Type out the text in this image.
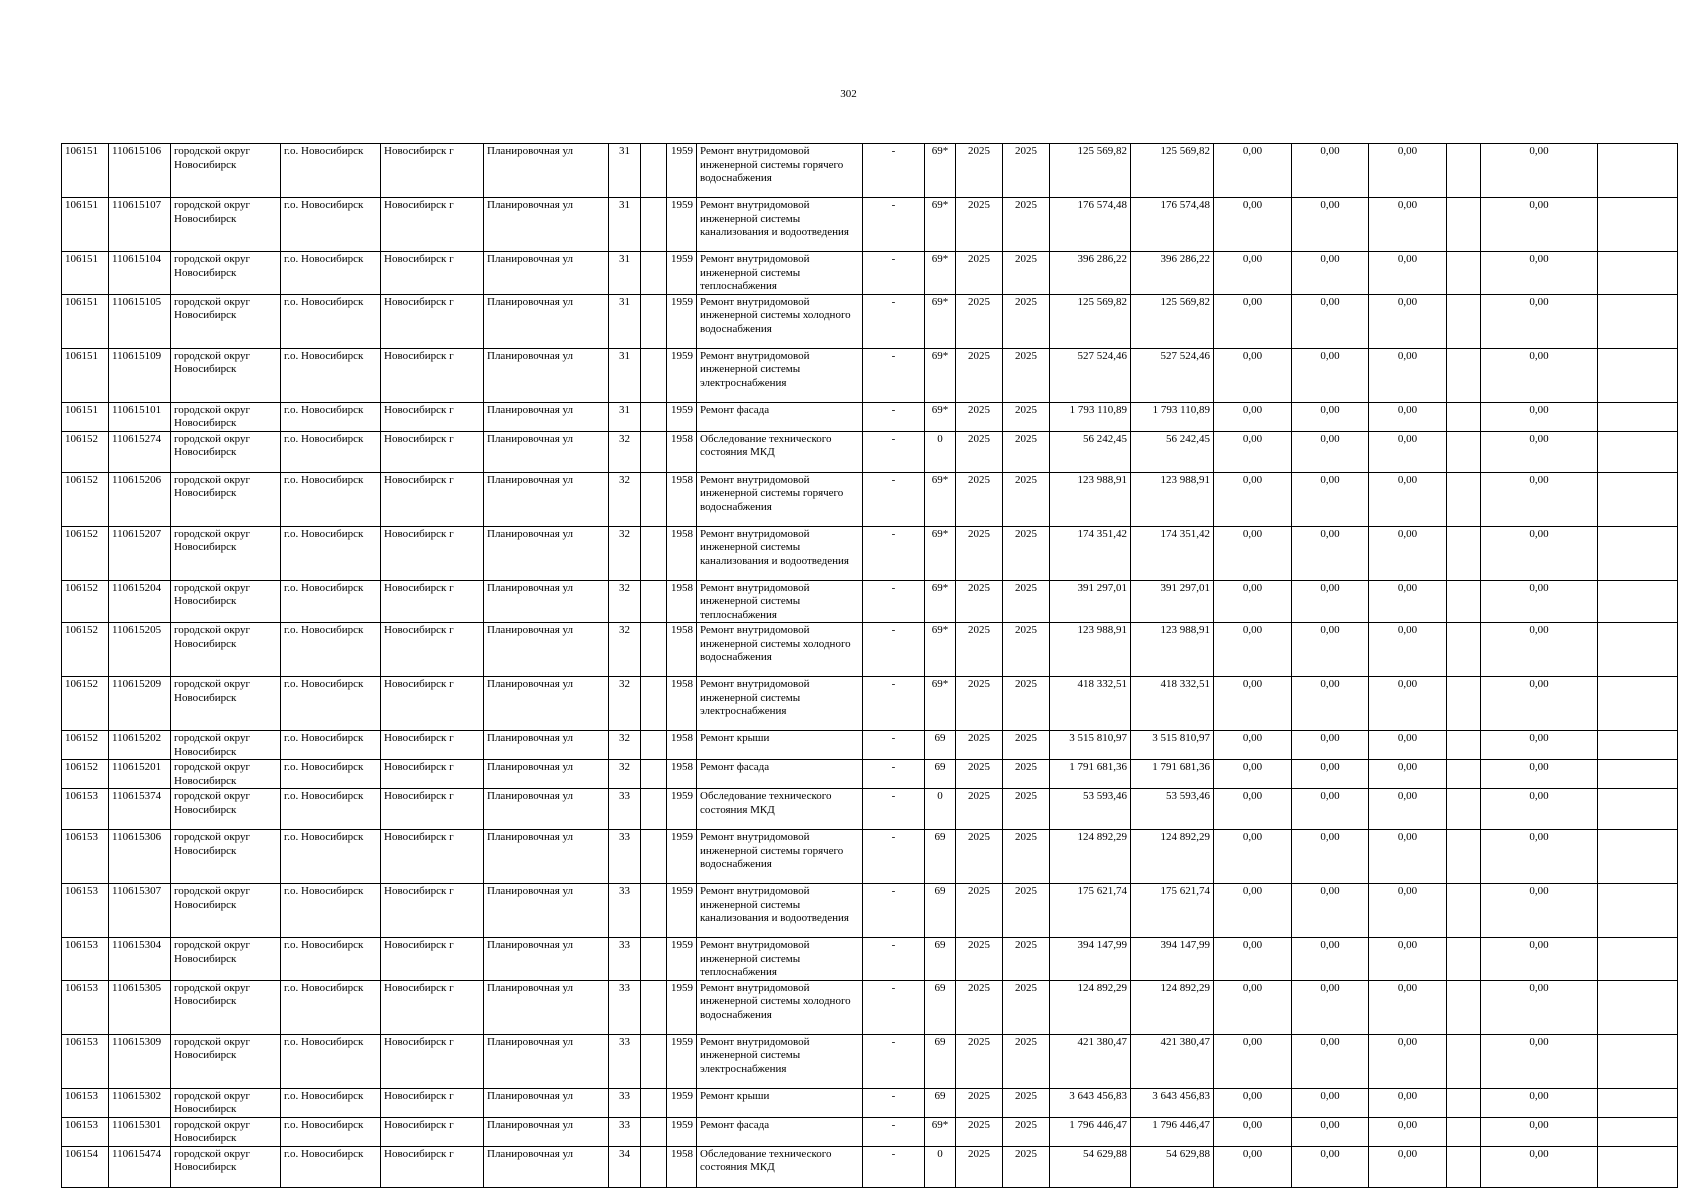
302
106151	110615106	городской округ Новосибирск	г.о. Новосибирск	Новосибирск г	Планировочная ул	31		1959	Ремонт внутридомовой инженерной системы горячего водоснабжения	-	69*	2025	2025	125 569,82	125 569,82	0,00	0,00	0,00		0,00	
106151	110615107	городской округ Новосибирск	г.о. Новосибирск	Новосибирск г	Планировочная ул	31		1959	Ремонт внутридомовой инженерной системы канализования и водоотведения	-	69*	2025	2025	176 574,48	176 574,48	0,00	0,00	0,00		0,00	
106151	110615104	городской округ Новосибирск	г.о. Новосибирск	Новосибирск г	Планировочная ул	31		1959	Ремонт внутридомовой инженерной системы теплоснабжения	-	69*	2025	2025	396 286,22	396 286,22	0,00	0,00	0,00		0,00	
106151	110615105	городской округ Новосибирск	г.о. Новосибирск	Новосибирск г	Планировочная ул	31		1959	Ремонт внутридомовой инженерной системы холодного водоснабжения	-	69*	2025	2025	125 569,82	125 569,82	0,00	0,00	0,00		0,00	
106151	110615109	городской округ Новосибирск	г.о. Новосибирск	Новосибирск г	Планировочная ул	31		1959	Ремонт внутридомовой инженерной системы электроснабжения	-	69*	2025	2025	527 524,46	527 524,46	0,00	0,00	0,00		0,00	
106151	110615101	городской округ Новосибирск	г.о. Новосибирск	Новосибирск г	Планировочная ул	31		1959	Ремонт фасада	-	69*	2025	2025	1 793 110,89	1 793 110,89	0,00	0,00	0,00		0,00	
106152	110615274	городской округ Новосибирск	г.о. Новосибирск	Новосибирск г	Планировочная ул	32		1958	Обследование технического состояния МКД	-	0	2025	2025	56 242,45	56 242,45	0,00	0,00	0,00		0,00	
106152	110615206	городской округ Новосибирск	г.о. Новосибирск	Новосибирск г	Планировочная ул	32		1958	Ремонт внутридомовой инженерной системы горячего водоснабжения	-	69*	2025	2025	123 988,91	123 988,91	0,00	0,00	0,00		0,00	
106152	110615207	городской округ Новосибирск	г.о. Новосибирск	Новосибирск г	Планировочная ул	32		1958	Ремонт внутридомовой инженерной системы канализования и водоотведения	-	69*	2025	2025	174 351,42	174 351,42	0,00	0,00	0,00		0,00	
106152	110615204	городской округ Новосибирск	г.о. Новосибирск	Новосибирск г	Планировочная ул	32		1958	Ремонт внутридомовой инженерной системы теплоснабжения	-	69*	2025	2025	391 297,01	391 297,01	0,00	0,00	0,00		0,00	
106152	110615205	городской округ Новосибирск	г.о. Новосибирск	Новосибирск г	Планировочная ул	32		1958	Ремонт внутридомовой инженерной системы холодного водоснабжения	-	69*	2025	2025	123 988,91	123 988,91	0,00	0,00	0,00		0,00	
106152	110615209	городской округ Новосибирск	г.о. Новосибирск	Новосибирск г	Планировочная ул	32		1958	Ремонт внутридомовой инженерной системы электроснабжения	-	69*	2025	2025	418 332,51	418 332,51	0,00	0,00	0,00		0,00	
106152	110615202	городской округ Новосибирск	г.о. Новосибирск	Новосибирск г	Планировочная ул	32		1958	Ремонт крыши	-	69	2025	2025	3 515 810,97	3 515 810,97	0,00	0,00	0,00		0,00	
106152	110615201	городской округ Новосибирск	г.о. Новосибирск	Новосибирск г	Планировочная ул	32		1958	Ремонт фасада	-	69	2025	2025	1 791 681,36	1 791 681,36	0,00	0,00	0,00		0,00	
106153	110615374	городской округ Новосибирск	г.о. Новосибирск	Новосибирск г	Планировочная ул	33		1959	Обследование технического состояния МКД	-	0	2025	2025	53 593,46	53 593,46	0,00	0,00	0,00		0,00	
106153	110615306	городской округ Новосибирск	г.о. Новосибирск	Новосибирск г	Планировочная ул	33		1959	Ремонт внутридомовой инженерной системы горячего водоснабжения	-	69	2025	2025	124 892,29	124 892,29	0,00	0,00	0,00		0,00	
106153	110615307	городской округ Новосибирск	г.о. Новосибирск	Новосибирск г	Планировочная ул	33		1959	Ремонт внутридомовой инженерной системы канализования и водоотведения	-	69	2025	2025	175 621,74	175 621,74	0,00	0,00	0,00		0,00	
106153	110615304	городской округ Новосибирск	г.о. Новосибирск	Новосибирск г	Планировочная ул	33		1959	Ремонт внутридомовой инженерной системы теплоснабжения	-	69	2025	2025	394 147,99	394 147,99	0,00	0,00	0,00		0,00	
106153	110615305	городской округ Новосибирск	г.о. Новосибирск	Новосибирск г	Планировочная ул	33		1959	Ремонт внутридомовой инженерной системы холодного водоснабжения	-	69	2025	2025	124 892,29	124 892,29	0,00	0,00	0,00		0,00	
106153	110615309	городской округ Новосибирск	г.о. Новосибирск	Новосибирск г	Планировочная ул	33		1959	Ремонт внутридомовой инженерной системы электроснабжения	-	69	2025	2025	421 380,47	421 380,47	0,00	0,00	0,00		0,00	
106153	110615302	городской округ Новосибирск	г.о. Новосибирск	Новосибирск г	Планировочная ул	33		1959	Ремонт крыши	-	69	2025	2025	3 643 456,83	3 643 456,83	0,00	0,00	0,00		0,00	
106153	110615301	городской округ Новосибирск	г.о. Новосибирск	Новосибирск г	Планировочная ул	33		1959	Ремонт фасада	-	69*	2025	2025	1 796 446,47	1 796 446,47	0,00	0,00	0,00		0,00	
106154	110615474	городской округ Новосибирск	г.о. Новосибирск	Новосибирск г	Планировочная ул	34		1958	Обследование технического состояния МКД	-	0	2025	2025	54 629,88	54 629,88	0,00	0,00	0,00		0,00	
